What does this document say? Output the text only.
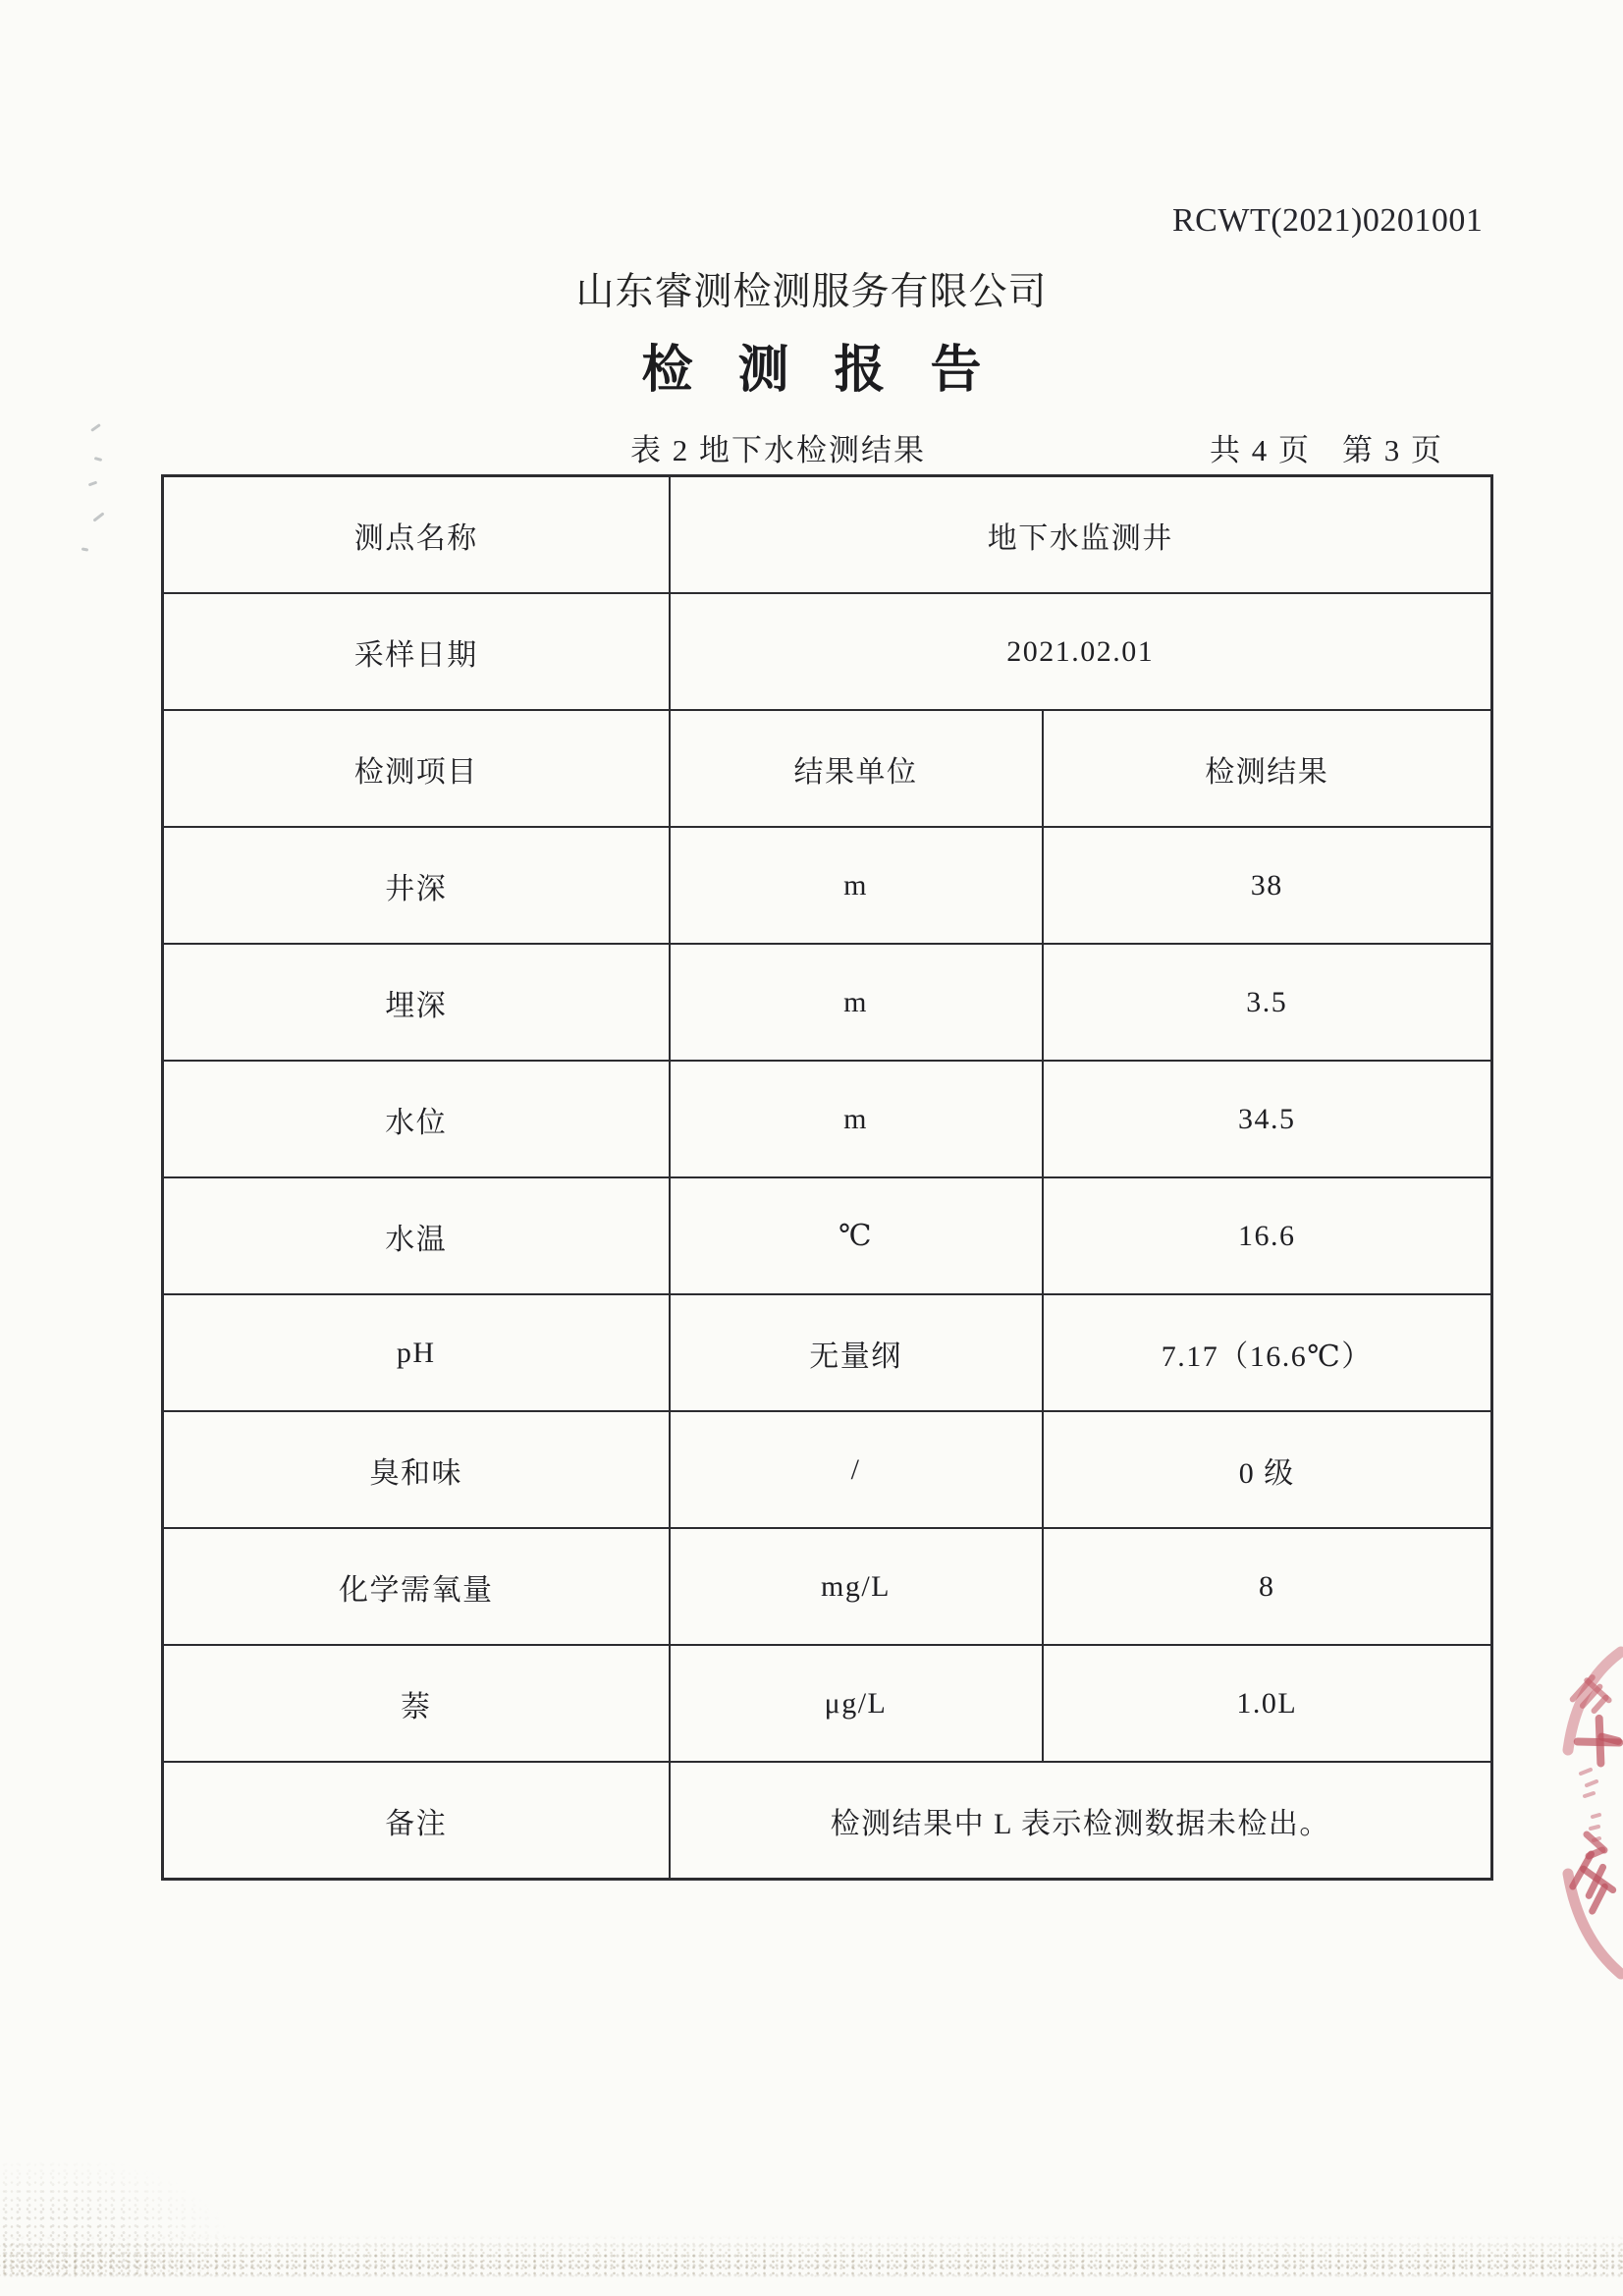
RCWT(2021)0201001
山东睿测检测服务有限公司
检测报告
表 2 地下水检测结果	共 4 页 第 3 页
测点名称	地下水监测井	
采样日期	2021.02.01	
检测项目	结果单位	检测结果
井深	m	38
埋深	m	3.5
水位	m	34.5
水温	℃	16.6
pH	无量纲	7.17（16.6℃）
臭和味	/	0 级
化学需氧量	mg/L	8
萘	μg/L	1.0L
备注	检测结果中 L 表示检测数据未检出。	
